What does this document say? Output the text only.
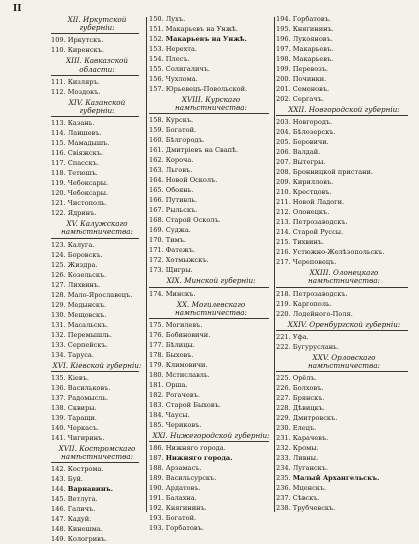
II
XII. Иркутской губерніи:
109. Иркутскъ.
110. Киренскъ.
XIII. Кавказской области:
111. Кизляръ.
112. Моздокъ.
XIV. Казанской губерніи:
113. Казань.
114. Лаишевъ.
115. Мамадышъ.
116. Свіяжскъ.
117. Спасскъ.
118. Тетюшъ.
119. Чебоксары.
120. Чебоксары.
121. Чистополь.
122. Ядринъ.
XV. Калужскаго намѣстничества:
123. Калуга.
124. Боровскъ.
125. Жиздра.
126. Козельскъ.
127. Лихвинъ.
128. Мало-Ярославецъ.
129. Медынскъ.
130. Мещовскъ.
131. Масальскъ.
132. Перемышль.
133. Серпейскъ.
134. Таруса.
XVI. Кіевской губерніи:
135. Кіевъ.
136. Васильковъ.
137. Радомысль.
138. Сквиры.
139. Таращи.
140. Черкасъ.
141. Чигиринъ.
XVII. Костромскаго намѣстничества:
142. Кострома.
143. Буй.
144. Варнавинъ.
145. Ветлуга.
146. Галичъ.
147. Кадуй.
148. Кинешма.
149. Кологривъ.
150. Лухъ.
151. Макарьевъ на Унжѣ.
152. Макарьевъ на Унжѣ.
153. Нерехта.
154. Плесъ.
155. Солигаличъ.
156. Чухлома.
157. Юрьевецъ-Повольской.
XVIII. Курскаго намѣстничества:
158. Курскъ.
159. Богатой.
160. Бѣлгородъ.
161. Дмитріевъ на Свапѣ.
162. Короча.
163. Льговъ.
164. Новой Осколъ.
165. Обоянь.
166. Путивль.
167. Рыльскъ.
168. Старой Осколъ.
169. Суджа.
170. Тимъ.
171. Фатежъ.
172. Хотмыжскъ.
173. Щигры.
XIX. Минской губерніи:
174. Минскъ.
XX. Могилевскаго намѣстничества:
175. Могилевъ.
176. Бобиновичи.
177. Бѣлицы.
178. Быховъ.
179. Климовичи.
180. Мстиславль.
181. Орша.
182. Рогачевъ.
183. Старой Быховъ.
184. Чаусы.
185. Чериковъ.
XXI. Нижегородской губерніи:
186. Нижняго города.
187. Нижняго города.
188. Арзамасъ.
189. Васильсурскъ.
190. Ардатовъ.
191. Балахна.
192. Княгининъ.
193. Богатой.
193. Горбатовъ.
194. Горбатовъ.
195. Княгининъ.
196. Лукояновъ.
197. Макарьевъ.
198. Макарьевъ.
199. Перевозъ.
200. Починки.
201. Семеновъ.
202. Сергачъ.
XXII. Новгородской губерніи:
203. Новгородъ.
204. Бѣлозерскъ.
205. Боровичи.
206. Валдай.
207. Вытегры.
208. Бронницкой пристани.
209. Кирилловъ.
210. Крестцовъ.
211. Новой Ладоги.
212. Олонецкъ.
213. Петрозаводскъ.
214. Старой Руссы.
215. Тихвинъ.
216. Устюжно-Желѣзопольскъ.
217. Череповецъ.
XXIII. Олонецкаго намѣстничества:
218. Петрозаводскъ.
219. Каргополь.
220. Лодейного-Поля.
XXIV. Оренбургской губерніи:
221. Уфа.
222. Бугуруслань.
XXV. Орловскаго намѣстничества:
225. Орёлъ.
226. Болховъ.
227. Брянскъ.
228. Дѣвицкъ.
229. Дмитровскъ.
230. Елецъ.
231. Карачевъ.
232. Кромы.
233. Ливны.
234. Луганскъ.
235. Малый Архангельскъ.
236. Мценскъ.
237. Сѣвскъ.
238. Трубчевскъ.
